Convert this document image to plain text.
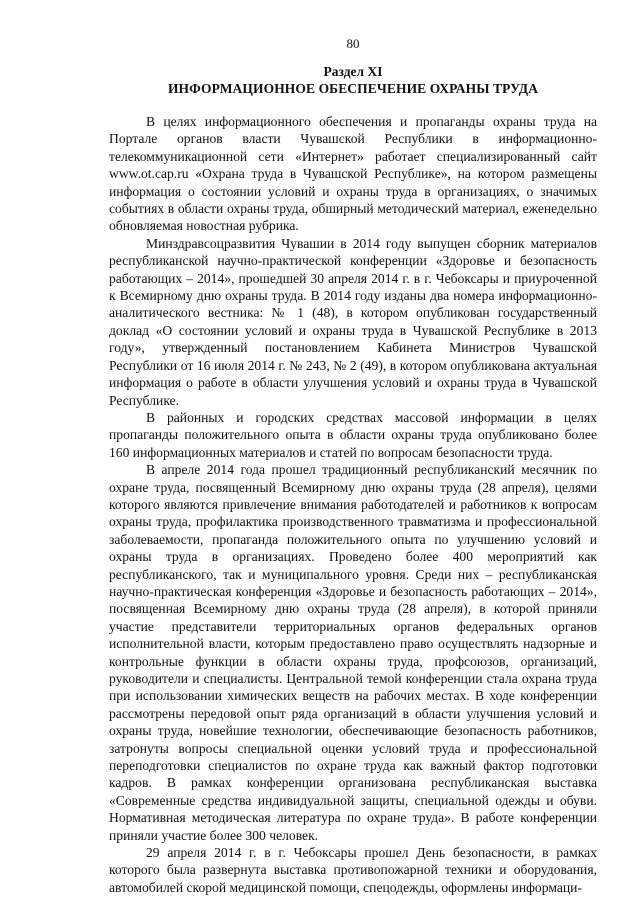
80
Раздел XI
ИНФОРМАЦИОННОЕ ОБЕСПЕЧЕНИЕ ОХРАНЫ ТРУДА

В целях информационного обеспечения и пропаганды охраны труда на Портале органов власти Чувашской Республики в информационно-телекоммуникационной сети «Интернет» работает специализированный сайт www.ot.cap.ru «Охрана труда в Чувашской Республике», на котором размещены информация о состоянии условий и охраны труда в организациях, о значимых событиях в области охраны труда, обширный методический материал, еженедельно обновляемая новостная рубрика.

Минздравсоцразвития Чувашии в 2014 году выпущен сборник материалов республиканской научно-практической конференции «Здоровье и безопасность работающих – 2014», прошедшей 30 апреля 2014 г. в г. Чебоксары и приуроченной к Всемирному дню охраны труда. В 2014 году изданы два номера информационно-аналитического вестника: № 1 (48), в котором опубликован государственный доклад «О состоянии условий и охраны труда в Чувашской Республике в 2013 году», утвержденный постановлением Кабинета Министров Чувашской Республики от 16 июля 2014 г. № 243, № 2 (49), в котором опубликована актуальная информация о работе в области улучшения условий и охраны труда в Чувашской Республике.

В районных и городских средствах массовой информации в целях пропаганды положительного опыта в области охраны труда опубликовано более 160 информационных материалов и статей по вопросам безопасности труда.

В апреле 2014 года прошел традиционный республиканский месячник по охране труда, посвященный Всемирному дню охраны труда (28 апреля), целями которого являются привлечение внимания работодателей и работников к вопросам охраны труда, профилактика производственного травматизма и профессиональной заболеваемости, пропаганда положительного опыта по улучшению условий и охраны труда в организациях. Проведено более 400 мероприятий как республиканского, так и муниципального уровня. Среди них – республиканская научно-практическая конференция «Здоровье и безопасность работающих – 2014», посвященная Всемирному дню охраны труда (28 апреля), в которой приняли участие представители территориальных органов федеральных органов исполнительной власти, которым предоставлено право осуществлять надзорные и контрольные функции в области охраны труда, профсоюзов, организаций, руководители и специалисты. Центральной темой конференции стала охрана труда при использовании химических веществ на рабочих местах. В ходе конференции рассмотрены передовой опыт ряда организаций в области улучшения условий и охраны труда, новейшие технологии, обеспечивающие безопасность работников, затронуты вопросы специальной оценки условий труда и профессиональной переподготовки специалистов по охране труда как важный фактор подготовки кадров. В рамках конференции организована республиканская выставка «Современные средства индивидуальной защиты, специальной одежды и обуви. Нормативная методическая литература по охране труда». В работе конференции приняли участие более 300 человек.

29 апреля 2014 г. в г. Чебоксары прошел День безопасности, в рамках которого была развернута выставка противопожарной техники и оборудования, автомобилей скорой медицинской помощи, спецодежды, оформлены информаци-
